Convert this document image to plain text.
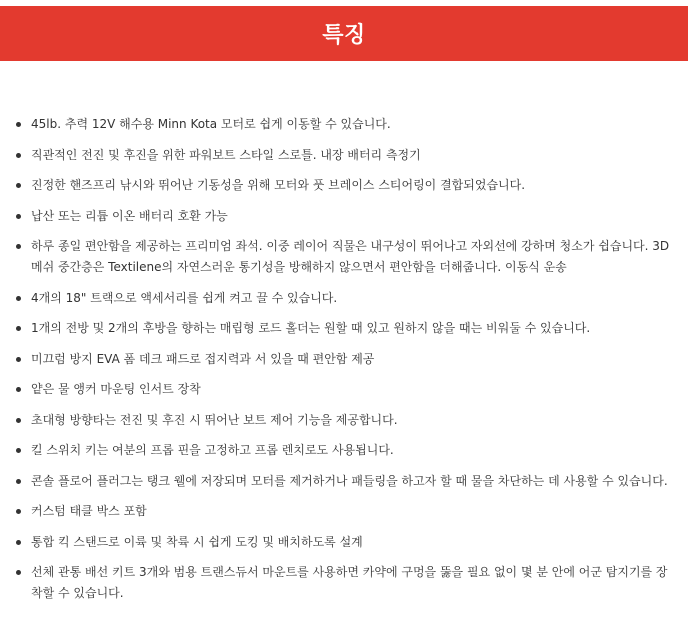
특징
45lb. 추력 12V 해수용 Minn Kota 모터로 쉽게 이동할 수 있습니다.
직관적인 전진 및 후진을 위한 파워보트 스타일 스로틀. 내장 배터리 측정기
진정한 핸즈프리 낚시와 뛰어난 기동성을 위해 모터와 풋 브레이스 스티어링이 결합되었습니다.
납산 또는 리튬 이온 배터리 호환 가능
하루 종일 편안함을 제공하는 프리미엄 좌석. 이중 레이어 직물은 내구성이 뛰어나고 자외선에 강하며 청소가 쉽습니다. 3D 메쉬 중간층은 Textilene의 자연스러운 통기성을 방해하지 않으면서 편안함을 더해줍니다. 이동식 운송
4개의 18" 트랙으로 액세서리를 쉽게 켜고 끌 수 있습니다.
1개의 전방 및 2개의 후방을 향하는 매립형 로드 홀더는 원할 때 있고 원하지 않을 때는 비워둘 수 있습니다.
미끄럼 방지 EVA 폼 데크 패드로 접지력과 서 있을 때 편안함 제공
얕은 물 앵커 마운팅 인서트 장착
초대형 방향타는 전진 및 후진 시 뛰어난 보트 제어 기능을 제공합니다.
킬 스위치 키는 여분의 프롭 핀을 고정하고 프롭 렌치로도 사용됩니다.
콘솔 플로어 플러그는 탱크 웰에 저장되며 모터를 제거하거나 패들링을 하고자 할 때 물을 차단하는 데 사용할 수 있습니다.
커스텀 태클 박스 포함
통합 킥 스탠드로 이륙 및 착륙 시 쉽게 도킹 및 배치하도록 설계
선체 관통 배선 키트 3개와 범용 트랜스듀서 마운트를 사용하면 카약에 구멍을 뚫을 필요 없이 몇 분 안에 어군 탐지기를 장착할 수 있습니다.
